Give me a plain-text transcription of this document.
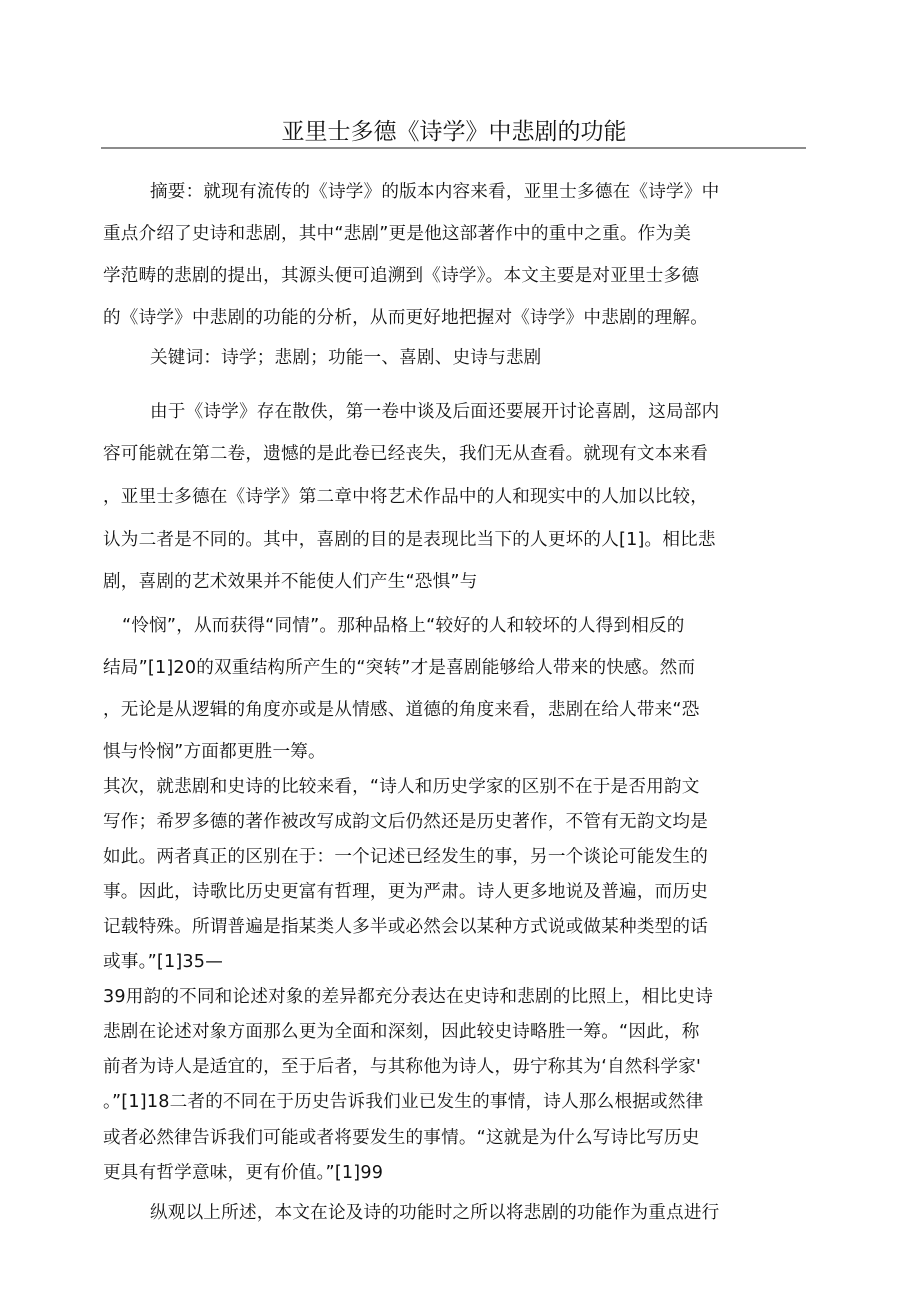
亚里士多德《诗学》中悲剧的功能
摘要：就现有流传的《诗学》的版本内容来看，亚里士多德在《诗学》中
重点介绍了史诗和悲剧，其中“悲剧”更是他这部著作中的重中之重。作为美
学范畴的悲剧的提出，其源头便可追溯到《诗学》。本文主要是对亚里士多德
的《诗学》中悲剧的功能的分析，从而更好地把握对《诗学》中悲剧的理解。
关键词：诗学；悲剧；功能一、喜剧、史诗与悲剧
由于《诗学》存在散佚，第一卷中谈及后面还要展开讨论喜剧，这局部内
容可能就在第二卷，遗憾的是此卷已经丧失，我们无从查看。就现有文本来看
，亚里士多德在《诗学》第二章中将艺术作品中的人和现实中的人加以比较，
认为二者是不同的。其中，喜剧的目的是表现比当下的人更坏的人[1]。相比悲
剧，喜剧的艺术效果并不能使人们产生“恐惧”与
“怜悯”，从而获得“同情”。那种品格上“较好的人和较坏的人得到相反的
结局”[1]20的双重结构所产生的“突转”才是喜剧能够给人带来的快感。然而
，无论是从逻辑的角度亦或是从情感、道德的角度来看，悲剧在给人带来“恐
惧与怜悯”方面都更胜一筹。
其次，就悲剧和史诗的比较来看，“诗人和历史学家的区别不在于是否用韵文
写作；希罗多德的著作被改写成韵文后仍然还是历史著作，不管有无韵文均是
如此。两者真正的区别在于：一个记述已经发生的事，另一个谈论可能发生的
事。因此，诗歌比历史更富有哲理，更为严肃。诗人更多地说及普遍，而历史
记载特殊。所谓普遍是指某类人多半或必然会以某种方式说或做某种类型的话
或事。”[1]35—
39用韵的不同和论述对象的差异都充分表达在史诗和悲剧的比照上，相比史诗
悲剧在论述对象方面那么更为全面和深刻，因此较史诗略胜一筹。“因此，称
前者为诗人是适宜的，至于后者，与其称他为诗人，毋宁称其为‘自然科学家'
。”[1]18二者的不同在于历史告诉我们业已发生的事情，诗人那么根据或然律
或者必然律告诉我们可能或者将要发生的事情。“这就是为什么写诗比写历史
更具有哲学意味，更有价值。”[1]99
纵观以上所述，本文在论及诗的功能时之所以将悲剧的功能作为重点进行
